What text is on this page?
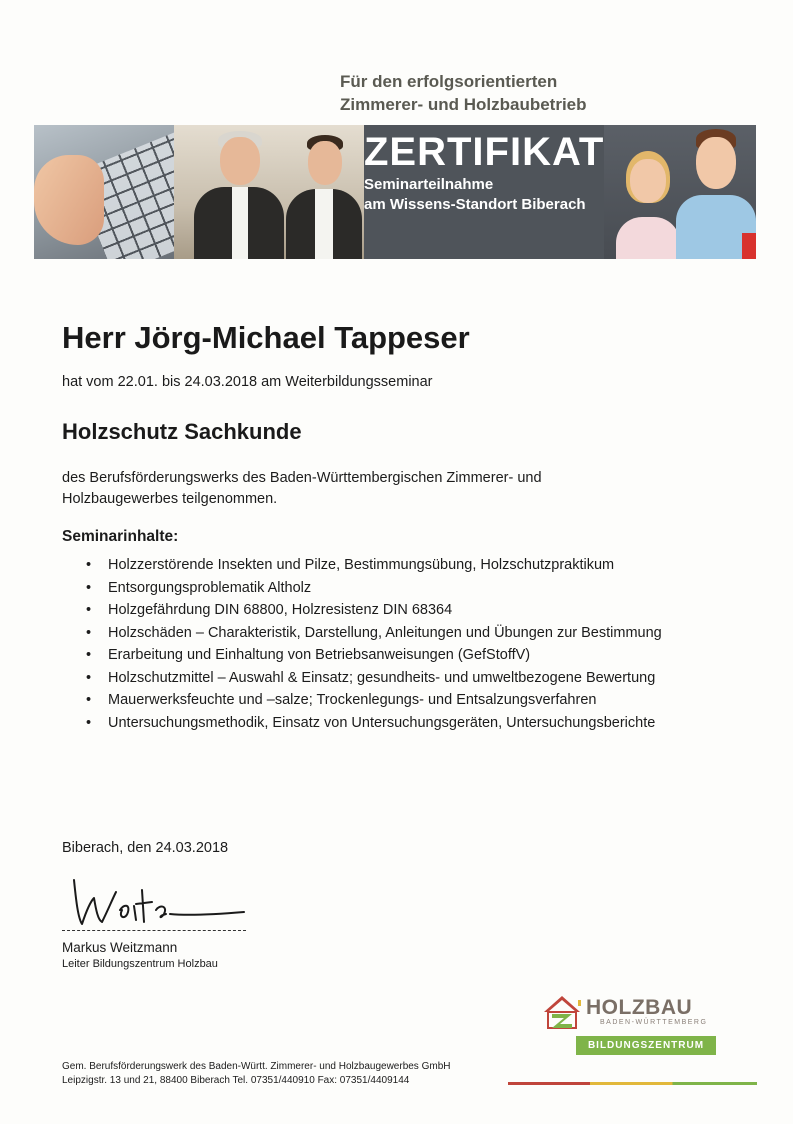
Für den erfolgsorientierten
Zimmerer- und Holzbaubetrieb
ZERTIFIKAT
Seminarteilnahme
am Wissens-Standort Biberach
Herr Jörg-Michael Tappeser
hat vom 22.01. bis 24.03.2018 am Weiterbildungsseminar
Holzschutz Sachkunde
des Berufsförderungswerks des Baden-Württembergischen Zimmerer- und Holzbaugewerbes teilgenommen.
Seminarinhalte:
• Holzzerstörende Insekten und Pilze, Bestimmungsübung, Holzschutzpraktikum
• Entsorgungsproblematik Altholz
• Holzgefährdung DIN 68800, Holzresistenz DIN 68364
• Holzschäden – Charakteristik, Darstellung, Anleitungen und Übungen zur Bestimmung
• Erarbeitung und Einhaltung von Betriebsanweisungen (GefStoffV)
• Holzschutzmittel – Auswahl & Einsatz; gesundheits- und umweltbezogene Bewertung
• Mauerwerksfeuchte und –salze; Trockenlegungs- und Entsalzungsverfahren
• Untersuchungsmethodik, Einsatz von Untersuchungsgeräten, Untersuchungsberichte
Biberach, den 24.03.2018
Markus Weitzmann
Leiter Bildungszentrum Holzbau
HOLZBAU
BADEN-WÜRTTEMBERG
BILDUNGSZENTRUM
Gem. Berufsförderungswerk des Baden-Württ. Zimmerer- und Holzbaugewerbes GmbH
Leipzigstr. 13 und 21, 88400 Biberach Tel. 07351/440910 Fax: 07351/4409144
